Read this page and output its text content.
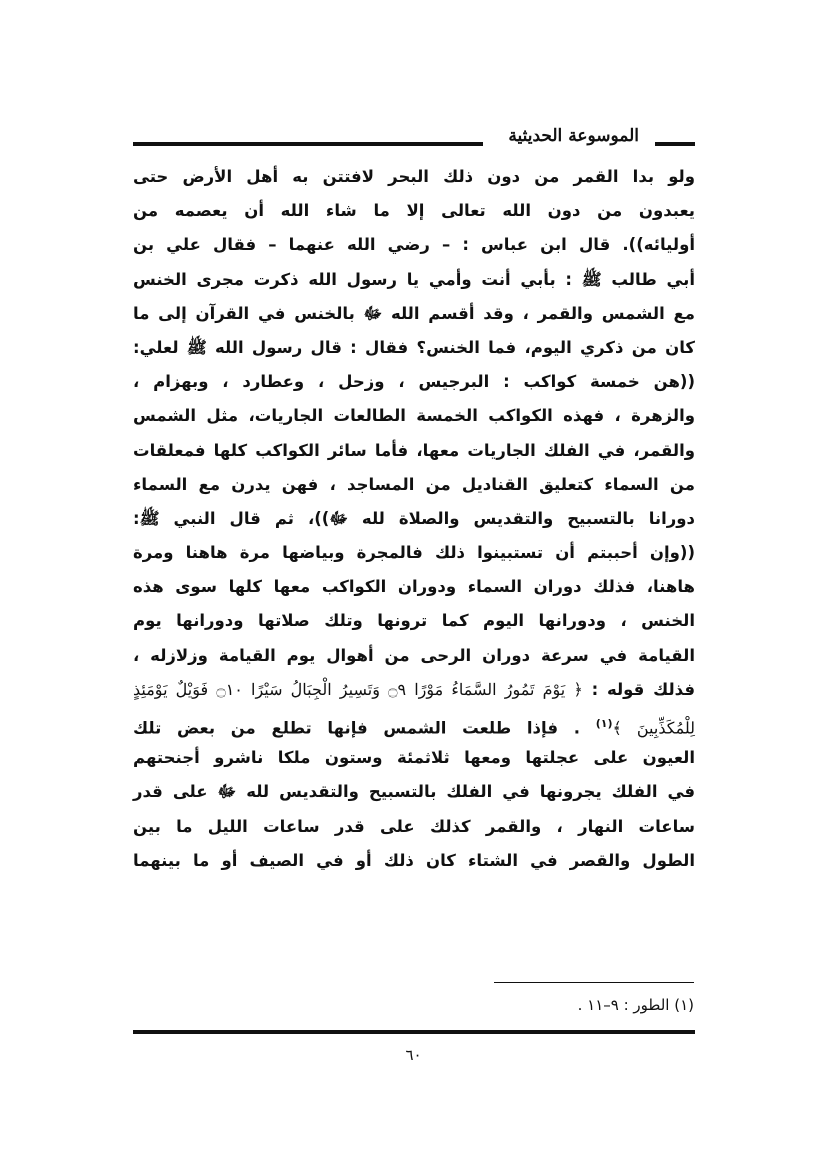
الموسوعة الحديثية
ولو بدا القمر من دون ذلك البحر لافتتن به أهل الأرض حتى
يعبدون من دون الله تعالى إلا ما شاء الله أن يعصمه من
أوليائه)). قال ابن عباس : – رضي الله عنهما – فقال علي بن
أبي طالب ﷺ : بأبي أنت وأمي يا رسول الله ذكرت مجرى الخنس
مع الشمس والقمر ، وقد أقسم الله ﷻ بالخنس في القرآن إلى ما
كان من ذكري اليوم، فما الخنس؟ فقال : قال رسول الله ﷺ لعلي:
((هن خمسة كواكب : البرجيس ، وزحل ، وعطارد ، وبهزام ،
والزهرة ، فهذه الكواكب الخمسة الطالعات الجاريات، مثل الشمس
والقمر، في الفلك الجاريات معها، فأما سائر الكواكب كلها فمعلقات
من السماء كتعليق القناديل من المساجد ، فهن يدرن مع السماء
دورانا بالتسبيح والتقديس والصلاة لله ﷻ))، ثم قال النبي ﷺ:
((وإن أحببتم أن تستبينوا ذلك فالمجرة وبياضها مرة هاهنا ومرة
هاهنا، فذلك دوران السماء ودوران الكواكب معها كلها سوى هذه
الخنس ، ودورانها اليوم كما ترونها وتلك صلاتها ودورانها يوم
القيامة في سرعة دوران الرحى من أهوال يوم القيامة وزلازله ،
فذلك قوله : ﴿ يَوْمَ تَمُورُ السَّمَاءُ مَوْرًا ۝٩ وَتَسِيرُ الْجِبَالُ سَيْرًا ۝١٠ فَوَيْلٌ يَوْمَئِذٍ
لِلْمُكَذِّبِينَ ﴾$^{(١)}$ . فإذا طلعت الشمس فإنها تطلع من بعض تلك
العيون على عجلتها ومعها ثلاثمئة وستون ملكا ناشرو أجنحتهم
في الفلك يجرونها في الفلك بالتسبيح والتقديس لله ﷻ على قدر
ساعات النهار ، والقمر كذلك على قدر ساعات الليل ما بين
الطول والقصر في الشتاء كان ذلك أو في الصيف أو ما بينهما
(١) الطور : ٩–١١ .
٦٠
